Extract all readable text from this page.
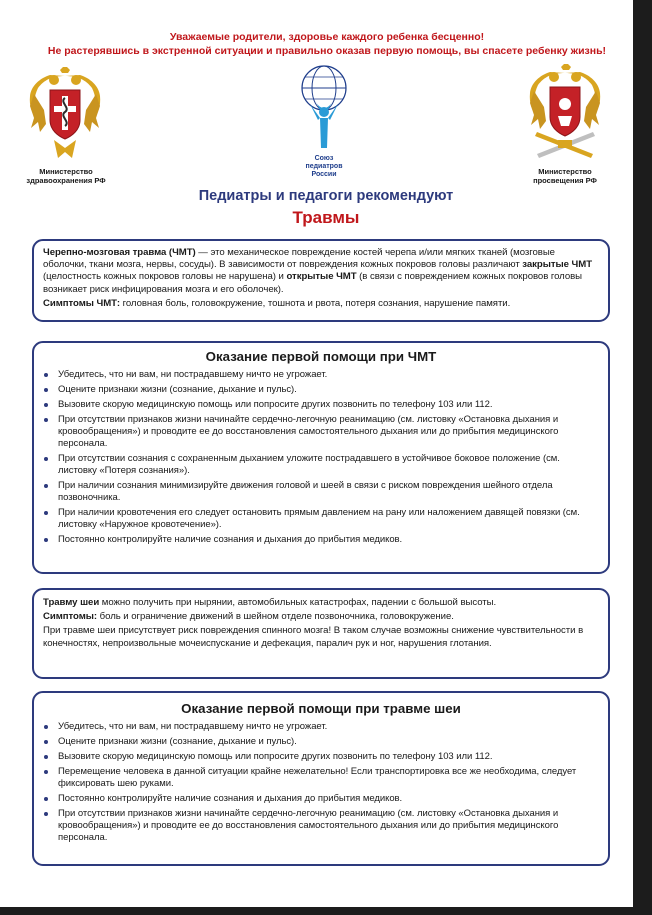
Уважаемые родители, здоровье каждого ребенка бесценно!
Не растерявшись в экстренной ситуации и правильно оказав первую помощь, вы спасете ребенку жизнь!
Министерство
здравоохранения РФ
Союз
педиатров
России	Министерство
просвещения РФ
Педиатры и педагоги рекомендуют
Травмы

Черепно-мозговая травма (ЧМТ) — это механическое повреждение костей черепа и/или мягких тканей (мозговые оболочки, ткани мозга, нервы, сосуды). В зависимости от повреждения кожных покровов головы различают закрытые ЧМТ (целостность кожных покровов головы не нарушена) и открытые ЧМТ (в связи с повреждением кожных покровов головы возникает риск инфицирования мозга и его оболочек).

Симптомы ЧМТ: головная боль, головокружение, тошнота и рвота, потеря сознания, нарушение памяти.

Оказание первой помощи при ЧМТ
Убедитесь, что ни вам, ни пострадавшему ничто не угрожает.
Оцените признаки жизни (сознание, дыхание и пульс).
Вызовите скорую медицинскую помощь или попросите других позвонить по телефону 103 или 112.
При отсутствии признаков жизни начинайте сердечно-легочную реанимацию (см. листовку «Остановка дыхания и кровообращения») и проводите ее до восстановления самостоятельного дыхания или до прибытия медицинского персонала.
При отсутствии сознания с сохраненным дыханием уложите пострадавшего в устойчивое боковое положение (см. листовку «Потеря сознания»).
При наличии сознания минимизируйте движения головой и шеей в связи с риском повреждения шейного отдела позвоночника.
При наличии кровотечения его следует остановить прямым давлением на рану или наложением давящей повязки (см. листовку «Наружное кровотечение»).
Постоянно контролируйте наличие сознания и дыхания до прибытия медиков.

Травму шеи можно получить при нырянии, автомобильных катастрофах, падении с большой высоты.

Симптомы: боль и ограничение движений в шейном отделе позвоночника, головокружение.

При травме шеи присутствует риск повреждения спинного мозга! В таком случае возможны снижение чувствительности в конечностях, непроизвольные мочеиспускание и дефекация, паралич рук и ног, нарушения глотания.

Оказание первой помощи при травме шеи
Убедитесь, что ни вам, ни пострадавшему ничто не угрожает.
Оцените признаки жизни (сознание, дыхание и пульс).
Вызовите скорую медицинскую помощь или попросите других позвонить по телефону 103 или 112.
Перемещение человека в данной ситуации крайне нежелательно! Если транспортировка все же необходима, следует фиксировать шею руками.
Постоянно контролируйте наличие сознания и дыхания до прибытия медиков.
При отсутствии признаков жизни начинайте сердечно-легочную реанимацию (см. листовку «Остановка дыхания и кровообращения») и проводите ее до восстановления самостоятельного дыхания или до прибытия медицинского персонала.
